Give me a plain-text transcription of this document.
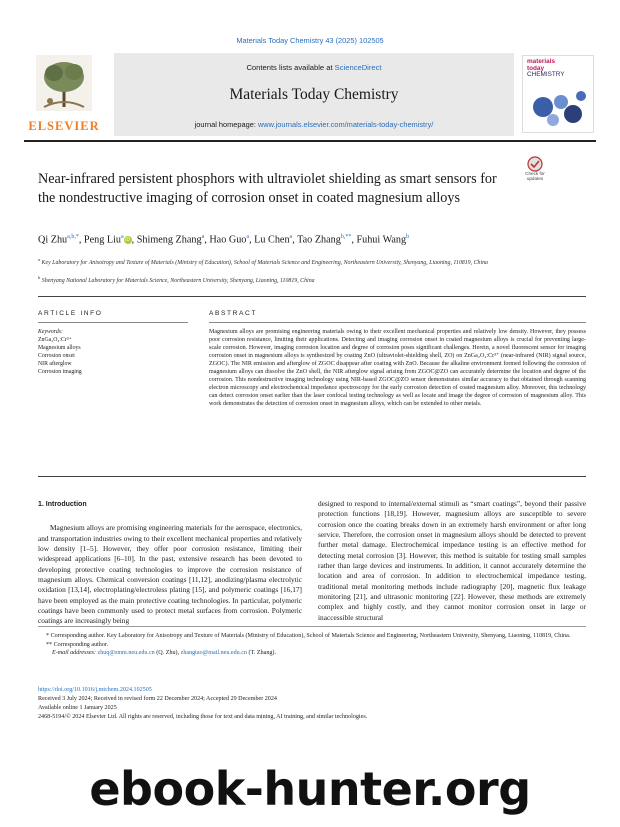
Materials Today Chemistry 43 (2025) 102505
ELSEVIER
Contents lists available at ScienceDirect
Materials Today Chemistry
journal homepage: www.journals.elsevier.com/materials-today-chemistry/
materials
today
CHEMISTRY
Near-infrared persistent phosphors with ultraviolet shielding as smart sensors for the nondestructive imaging of corrosion onset in coated magnesium alloys
Check for
updates
Qi Zhu$^{a,b,*}$, Peng Liu$^a$iD , Shimeng Zhang$^a$, Hao Guo$^a$, Lu Chen$^a$, Tao Zhang$^{b,**}$, Fuhui Wang$^b$
$^a$ Key Laboratory for Anisotropy and Texture of Materials (Ministry of Education), School of Materials Science and Engineering, Northeastern University, Shenyang, Liaoning, 110819, China
$^b$ Shenyang National Laboratory for Materials Science, Northeastern University, Shenyang, Liaoning, 110819, China
ARTICLE INFO
Keywords:
ZnGa₂O₄:Cr³⁺
Magnesium alloys
Corrosion onset
NIR afterglow
Corrosion imaging
ABSTRACT
Magnesium alloys are promising engineering materials owing to their excellent mechanical properties and relatively low density. However, they possess poor corrosion resistance, limiting their applications. Detecting and imaging corrosion onset in coated magnesium alloys is crucial for preventing large-scale corrosion. However, imaging corrosion location and degree of corrosion poses significant challenges. Herein, a novel fluorescent sensor for imaging corrosion onset in magnesium alloys is synthesized by coating ZnO (ultraviolet-shielding shell, ZO) on ZnGa₂O₄:Cr³⁺ (near-infrared (NIR) signal source, ZGOC). The NIR emission and afterglow of ZGOC disappear after coating with ZnO. Because the alkaline environment formed following the corrosion of magnesium alloys can dissolve the ZnO shell, the NIR afterglow signal arising from ZGOC@ZO can accurately determine the location and degree of the corrosion. This nondestructive imaging technology using NIR-based ZGOC@ZO sensor demonstrates similar accuracy to that obtained through scanning electron microscopy and electrochemical impedance spectroscopy for the early corrosion detection of coated magnesium alloy. Moreover, this technology can detect corrosion onset earlier than the laser confocal testing technology as well as locate and image the degree of corrosion of magnesium alloy. This work demonstrates the detection of corrosion onset in magnesium alloys, which can be extended to other metals.
1. Introduction
Magnesium alloys are promising engineering materials for the aerospace, electronics, and transportation industries owing to their excellent mechanical properties and relatively low density [1–5]. However, they offer poor corrosion resistance, limiting their widespread applications [6–10]. In the past, extensive research has been devoted to developing protective coating technologies to improve the corrosion resistance of magnesium alloys. Chemical conversion coatings [11,12], anodizing/plasma electrolytic oxidation [13,14], electroplating/electroless plating [15], and polymeric coatings [16,17] have been employed as the main protective coating technologies. In particular, polymeric coatings have been commonly used to protect metal surfaces from corrosion. Polymeric coatings are increasingly being
designed to respond to internal/external stimuli as “smart coatings”, beyond their passive protection functions [18,19]. However, magnesium alloys are susceptible to severe corrosion once the coating breaks down in an extremely harsh environment or after long service. Therefore, the corrosion onset in magnesium alloys should be detected to prevent further metal damage. Electrochemical impedance testing is an effective method for detecting metal corrosion [3]. However, this method is suitable for testing small samples rather than large devices and instruments. In addition, it cannot accurately determine the location and area of corrosion. In addition to electrochemical impedance testing, traditional metal monitoring methods include radiography [20], magnetic flux leakage monitoring [21], and ultrasonic monitoring [22]. However, these methods are extremely complex and highly costly, and they cannot monitor corrosion onset in large or inaccessible structural
* Corresponding author. Key Laboratory for Anisotropy and Texture of Materials (Ministry of Education), School of Materials Science and Engineering, Northeastern University, Shenyang, Liaoning, 110819, China.
** Corresponding author.
E-mail addresses: zhuq@smm.neu.edu.cn (Q. Zhu), zhangtao@mail.neu.edu.cn (T. Zhang).
https://doi.org/10.1016/j.mtchem.2024.102505
Received 3 July 2024; Received in revised form 22 December 2024; Accepted 29 December 2024
Available online 1 January 2025
2468-5194/© 2024 Elsevier Ltd. All rights are reserved, including those for text and data mining, AI training, and similar technologies.
ebook-hunter.org
